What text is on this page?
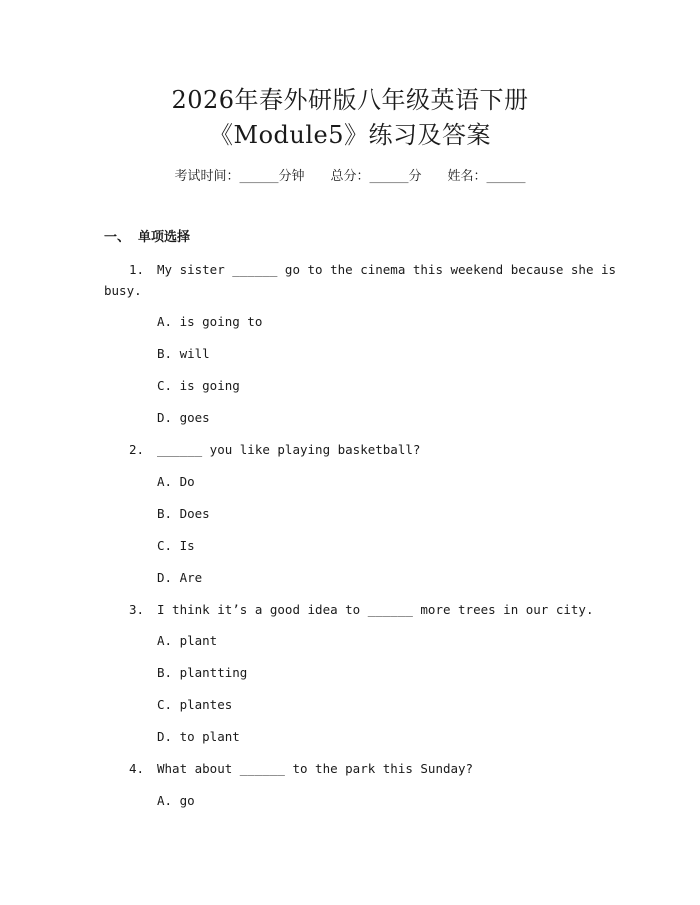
2026年春外研版八年级英语下册
《Module5》练习及答案
考试时间：______分钟 总分：______分 姓名：______
一、 单项选择
1. My sister ______ go to the cinema this weekend because she is
busy.
A. is going to
B. will
C. is going
D. goes
2. ______ you like playing basketball?
A. Do
B. Does
C. Is
D. Are
3. I think it’s a good idea to ______ more trees in our city.
A. plant
B. plantting
C. plantes
D. to plant
4. What about ______ to the park this Sunday?
A. go
